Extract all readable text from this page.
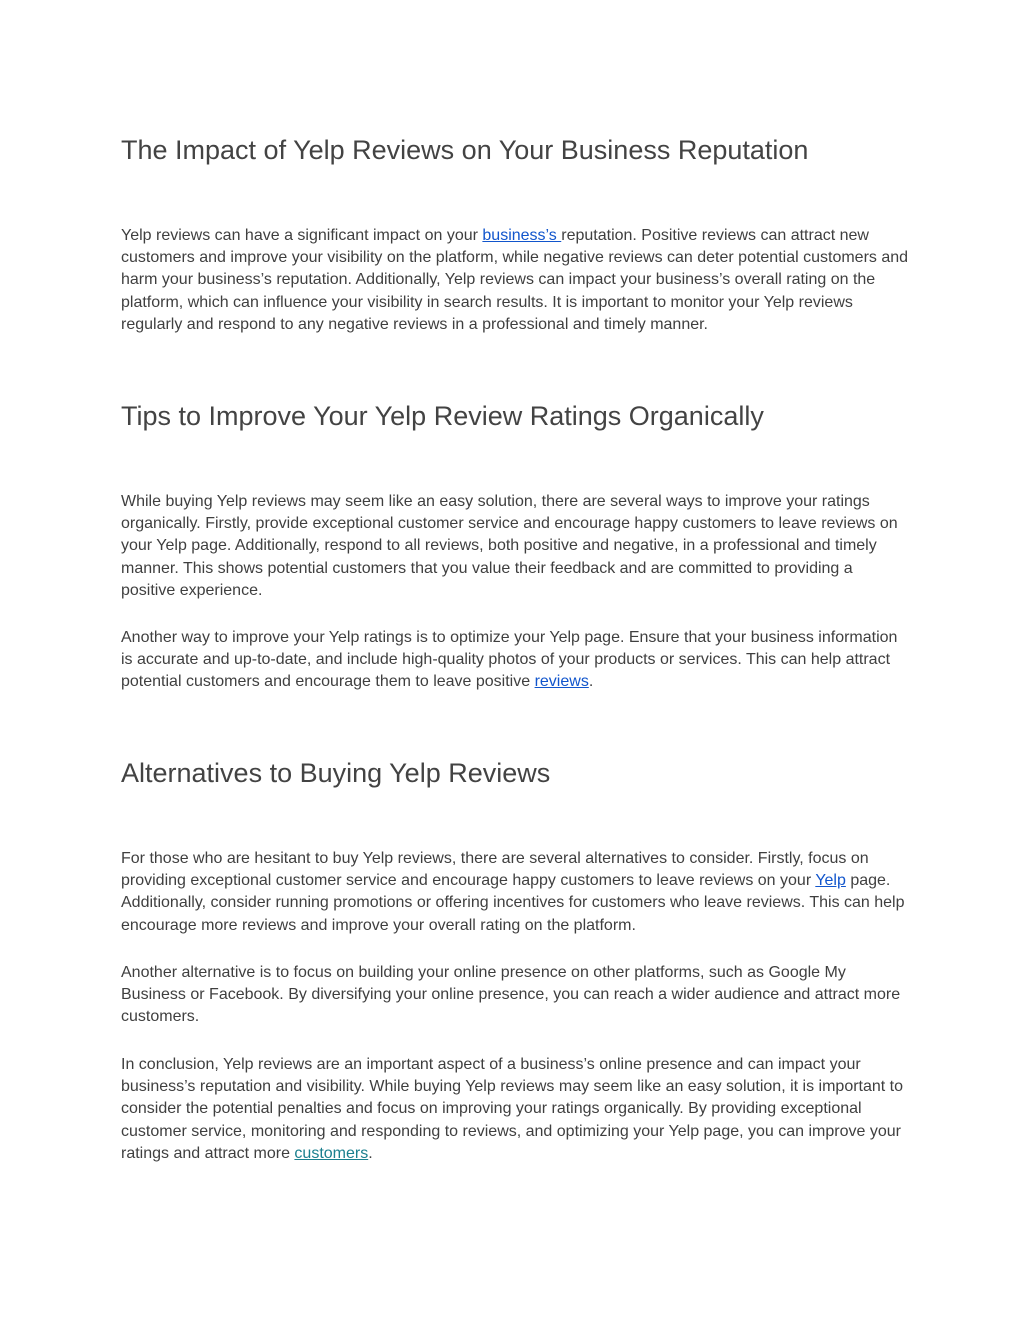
The Impact of Yelp Reviews on Your Business Reputation

Yelp reviews can have a significant impact on your business’s reputation. Positive reviews can attract new customers and improve your visibility on the platform, while negative reviews can deter potential customers and harm your business’s reputation. Additionally, Yelp reviews can impact your business’s overall rating on the platform, which can influence your visibility in search results. It is important to monitor your Yelp reviews regularly and respond to any negative reviews in a professional and timely manner.

Tips to Improve Your Yelp Review Ratings Organically

While buying Yelp reviews may seem like an easy solution, there are several ways to improve your ratings organically. Firstly, provide exceptional customer service and encourage happy customers to leave reviews on your Yelp page. Additionally, respond to all reviews, both positive and negative, in a professional and timely manner. This shows potential customers that you value their feedback and are committed to providing a positive experience.

Another way to improve your Yelp ratings is to optimize your Yelp page. Ensure that your business information is accurate and up-to-date, and include high-quality photos of your products or services. This can help attract potential customers and encourage them to leave positive reviews.

Alternatives to Buying Yelp Reviews

For those who are hesitant to buy Yelp reviews, there are several alternatives to consider. Firstly, focus on providing exceptional customer service and encourage happy customers to leave reviews on your Yelp page. Additionally, consider running promotions or offering incentives for customers who leave reviews. This can help encourage more reviews and improve your overall rating on the platform.

Another alternative is to focus on building your online presence on other platforms, such as Google My Business or Facebook. By diversifying your online presence, you can reach a wider audience and attract more customers.

In conclusion, Yelp reviews are an important aspect of a business’s online presence and can impact your business’s reputation and visibility. While buying Yelp reviews may seem like an easy solution, it is important to consider the potential penalties and focus on improving your ratings organically. By providing exceptional customer service, monitoring and responding to reviews, and optimizing your Yelp page, you can improve your ratings and attract more customers.
